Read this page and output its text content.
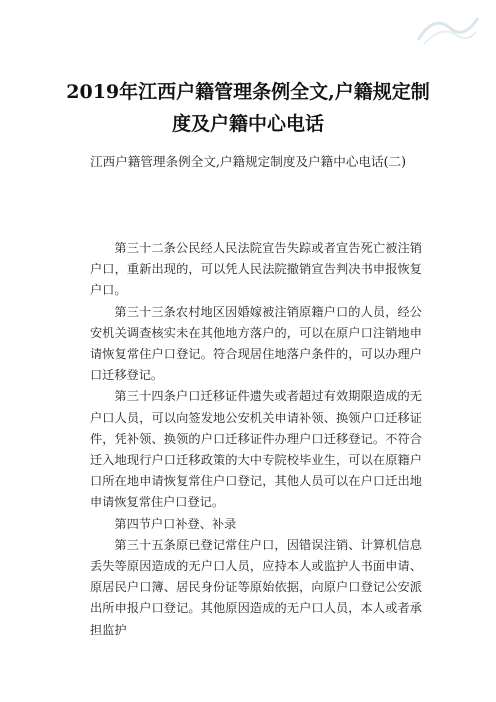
2019年江西户籍管理条例全文,户籍规定制
度及户籍中心电话
江西户籍管理条例全文,户籍规定制度及户籍中心电话(二)

第三十二条公民经人民法院宣告失踪或者宣告死亡被注销户口，重新出现的，可以凭人民法院撤销宣告判决书申报恢复户口。

第三十三条农村地区因婚嫁被注销原籍户口的人员，经公安机关调查核实未在其他地方落户的，可以在原户口注销地申请恢复常住户口登记。符合现居住地落户条件的，可以办理户口迁移登记。

第三十四条户口迁移证件遗失或者超过有效期限造成的无户口人员，可以向签发地公安机关申请补领、换领户口迁移证件，凭补领、换领的户口迁移证件办理户口迁移登记。不符合迁入地现行户口迁移政策的大中专院校毕业生，可以在原籍户口所在地申请恢复常住户口登记，其他人员可以在户口迁出地申请恢复常住户口登记。

第四节户口补登、补录

第三十五条原已登记常住户口，因错误注销、计算机信息丢失等原因造成的无户口人员，应持本人或监护人书面申请、原居民户口簿、居民身份证等原始依据，向原户口登记公安派出所申报户口登记。其他原因造成的无户口人员，本人或者承担监护
